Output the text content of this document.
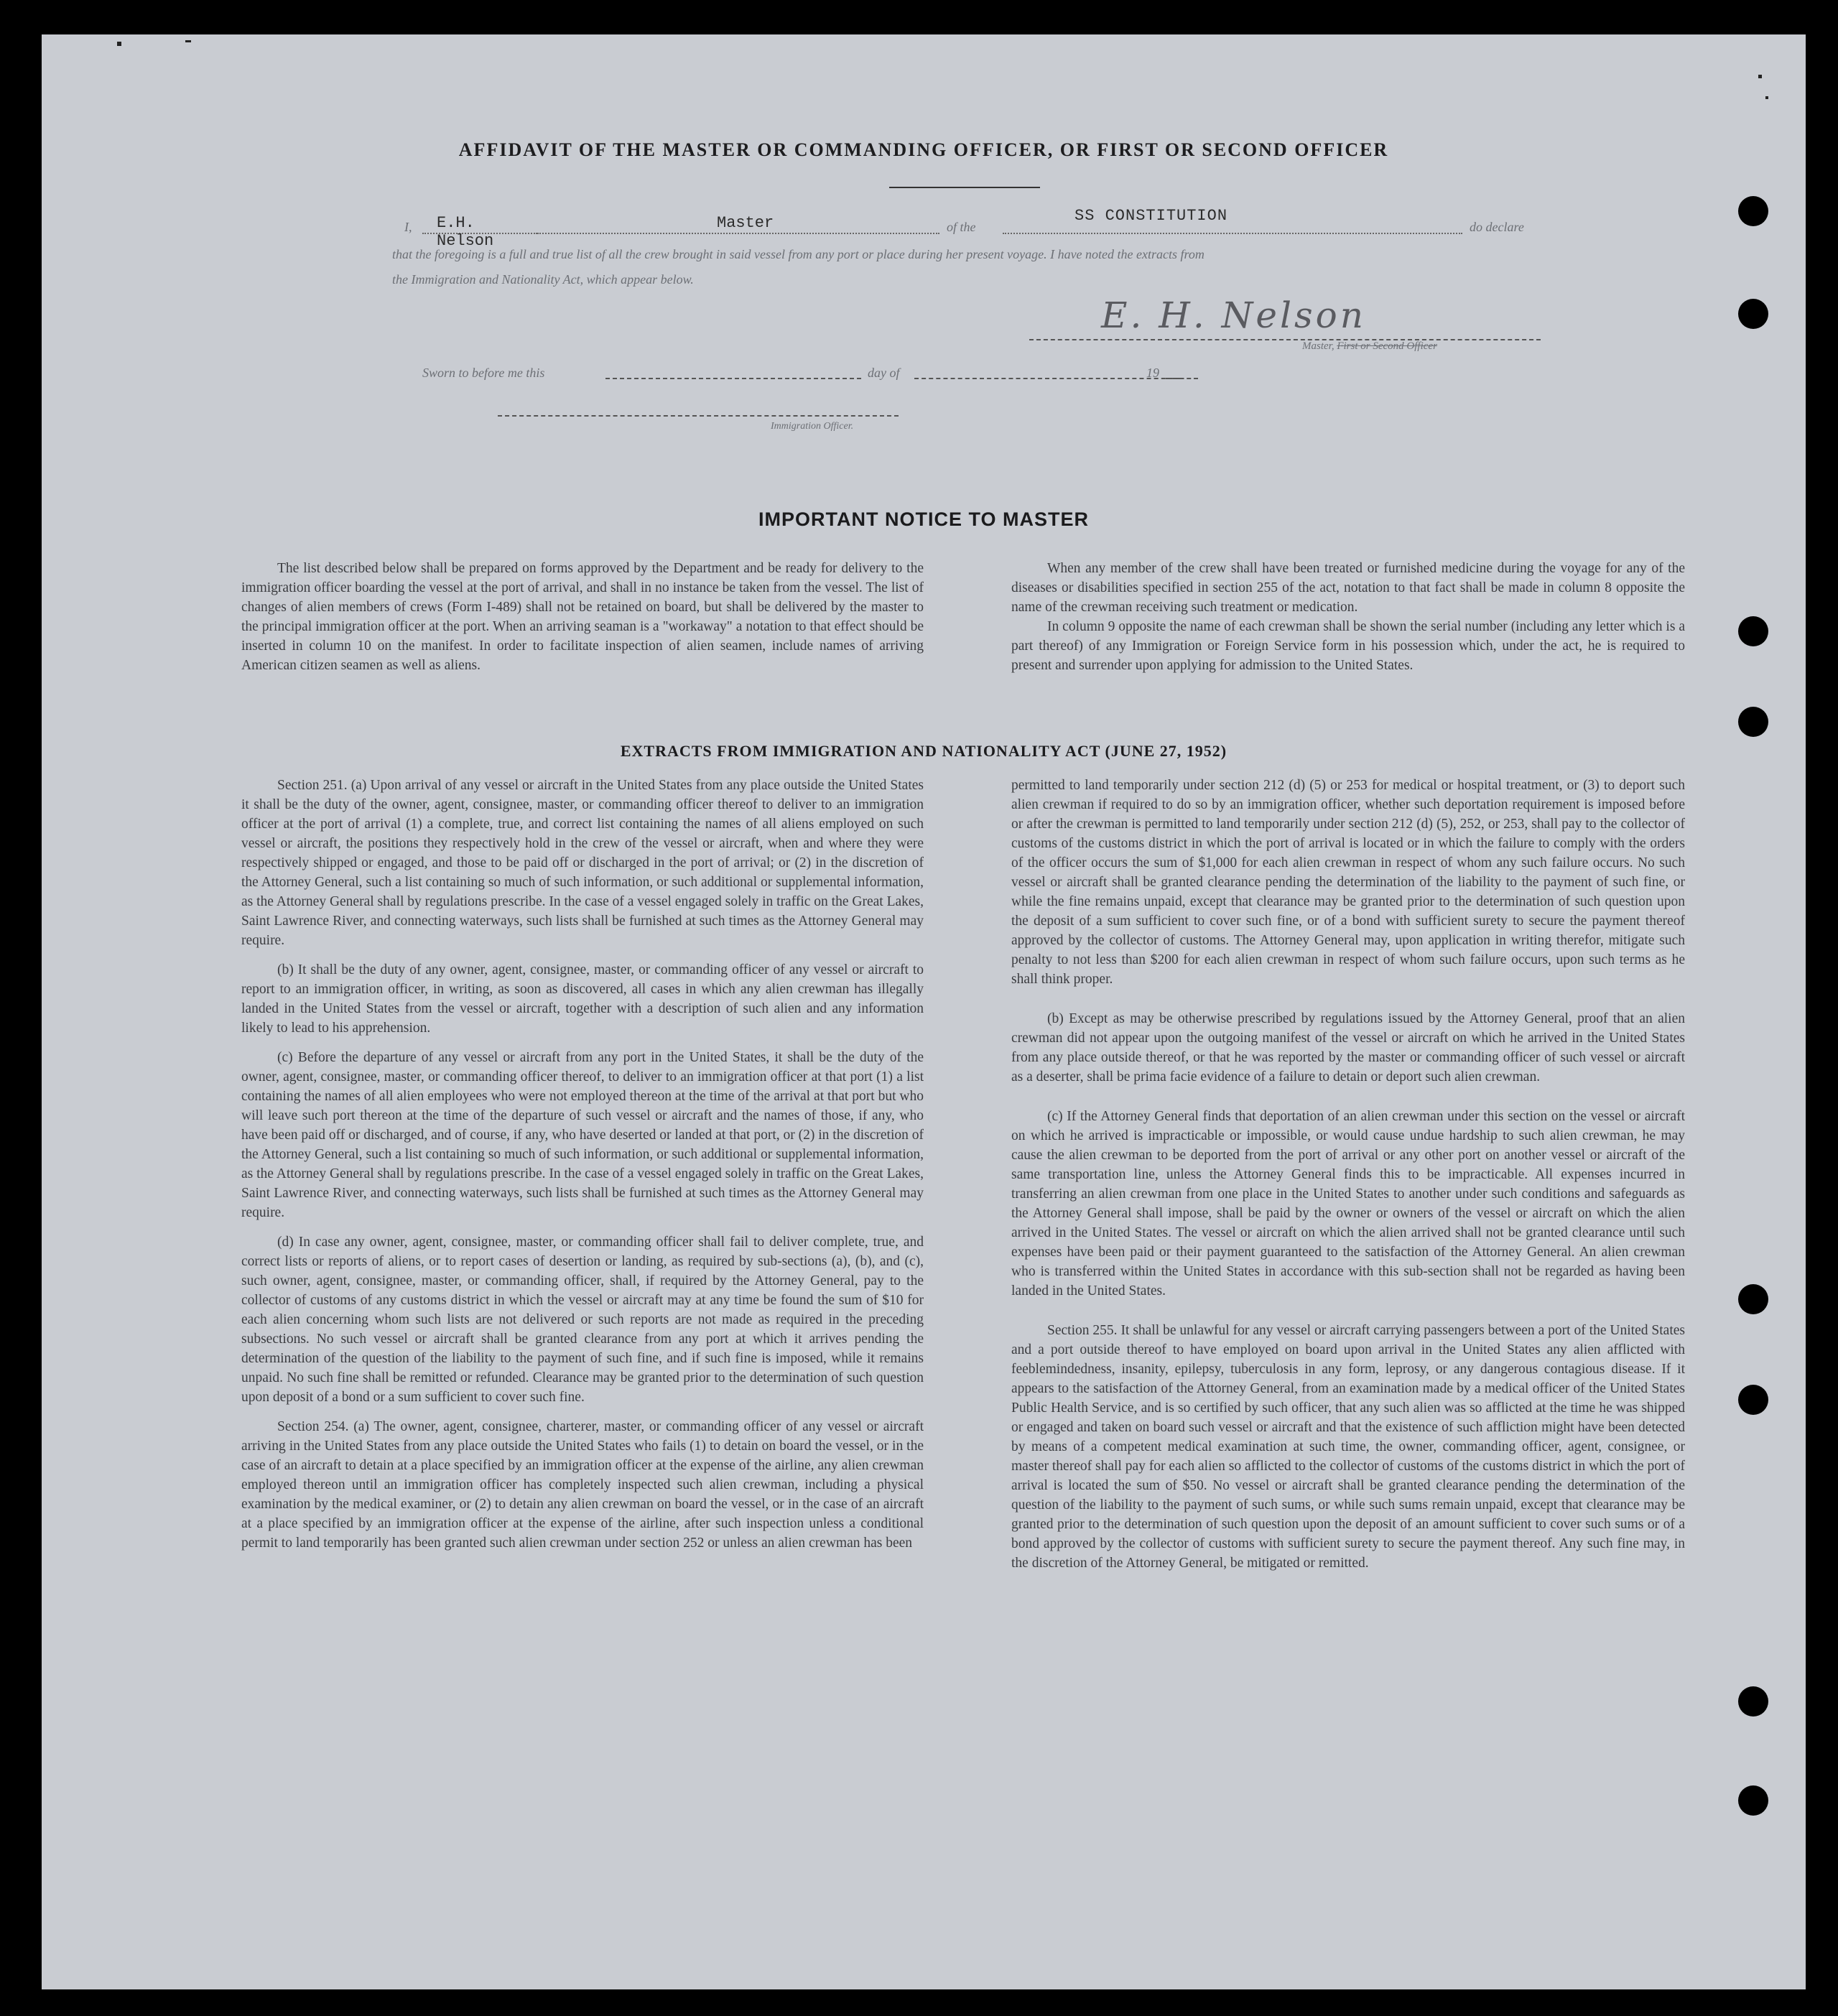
AFFIDAVIT OF THE MASTER OR COMMANDING OFFICER, OR FIRST OR SECOND OFFICER
I, E.H. Nelson
Master	of the
SS CONSTITUTION
do declare
that the foregoing is a full and true list of all the crew brought in said vessel from any port or place during her present voyage. I have noted the extracts from
the Immigration and Nationality Act, which appear below.
E. H. Nelson
Master, First or Second Officer
Sworn to before me this	day of	19
Immigration Officer.
IMPORTANT NOTICE TO MASTER

The list described below shall be prepared on forms approved by the Department and be ready for delivery to the immigration officer boarding the vessel at the port of arrival, and shall in no instance be taken from the vessel. The list of changes of alien members of crews (Form I-489) shall not be retained on board, but shall be delivered by the master to the principal immigration officer at the port. When an arriving seaman is a "workaway" a notation to that effect should be inserted in column 10 on the manifest. In order to facilitate inspection of alien seamen, include names of arriving American citizen seamen as well as aliens.

When any member of the crew shall have been treated or furnished medicine during the voyage for any of the diseases or disabilities specified in section 255 of the act, notation to that fact shall be made in column 8 opposite the name of the crewman receiving such treatment or medication.

In column 9 opposite the name of each crewman shall be shown the serial number (including any letter which is a part thereof) of any Immigration or Foreign Service form in his possession which, under the act, he is required to present and surrender upon applying for admission to the United States.

EXTRACTS FROM IMMIGRATION AND NATIONALITY ACT (JUNE 27, 1952)

Section 251. (a) Upon arrival of any vessel or aircraft in the United States from any place outside the United States it shall be the duty of the owner, agent, consignee, master, or commanding officer thereof to deliver to an immigration officer at the port of arrival (1) a complete, true, and correct list containing the names of all aliens employed on such vessel or aircraft, the positions they respectively hold in the crew of the vessel or aircraft, when and where they were respectively shipped or engaged, and those to be paid off or discharged in the port of arrival; or (2) in the discretion of the Attorney General, such a list containing so much of such information, or such additional or supplemental information, as the Attorney General shall by regulations prescribe. In the case of a vessel engaged solely in traffic on the Great Lakes, Saint Lawrence River, and connecting waterways, such lists shall be furnished at such times as the Attorney General may require.

(b) It shall be the duty of any owner, agent, consignee, master, or commanding officer of any vessel or aircraft to report to an immigration officer, in writing, as soon as discovered, all cases in which any alien crewman has illegally landed in the United States from the vessel or aircraft, together with a description of such alien and any information likely to lead to his apprehension.

(c) Before the departure of any vessel or aircraft from any port in the United States, it shall be the duty of the owner, agent, consignee, master, or commanding officer thereof, to deliver to an immigration officer at that port (1) a list containing the names of all alien employees who were not employed thereon at the time of the arrival at that port but who will leave such port thereon at the time of the departure of such vessel or aircraft and the names of those, if any, who have been paid off or discharged, and of course, if any, who have deserted or landed at that port, or (2) in the discretion of the Attorney General, such a list containing so much of such information, or such additional or supplemental information, as the Attorney General shall by regulations prescribe. In the case of a vessel engaged solely in traffic on the Great Lakes, Saint Lawrence River, and connecting waterways, such lists shall be furnished at such times as the Attorney General may require.

(d) In case any owner, agent, consignee, master, or commanding officer shall fail to deliver complete, true, and correct lists or reports of aliens, or to report cases of desertion or landing, as required by sub-sections (a), (b), and (c), such owner, agent, consignee, master, or commanding officer, shall, if required by the Attorney General, pay to the collector of customs of any customs district in which the vessel or aircraft may at any time be found the sum of $10 for each alien concerning whom such lists are not delivered or such reports are not made as required in the preceding subsections. No such vessel or aircraft shall be granted clearance from any port at which it arrives pending the determination of the question of the liability to the payment of such fine, and if such fine is imposed, while it remains unpaid. No such fine shall be remitted or refunded. Clearance may be granted prior to the determination of such question upon deposit of a bond or a sum sufficient to cover such fine.

Section 254. (a) The owner, agent, consignee, charterer, master, or commanding officer of any vessel or aircraft arriving in the United States from any place outside the United States who fails (1) to detain on board the vessel, or in the case of an aircraft to detain at a place specified by an immigration officer at the expense of the airline, any alien crewman employed thereon until an immigration officer has completely inspected such alien crewman, including a physical examination by the medical examiner, or (2) to detain any alien crewman on board the vessel, or in the case of an aircraft at a place specified by an immigration officer at the expense of the airline, after such inspection unless a conditional permit to land temporarily has been granted such alien crewman under section 252 or unless an alien crewman has been

permitted to land temporarily under section 212 (d) (5) or 253 for medical or hospital treatment, or (3) to deport such alien crewman if required to do so by an immigration officer, whether such deportation requirement is imposed before or after the crewman is permitted to land temporarily under section 212 (d) (5), 252, or 253, shall pay to the collector of customs of the customs district in which the port of arrival is located or in which the failure to comply with the orders of the officer occurs the sum of $1,000 for each alien crewman in respect of whom any such failure occurs. No such vessel or aircraft shall be granted clearance pending the determination of the liability to the payment of such fine, or while the fine remains unpaid, except that clearance may be granted prior to the determination of such question upon the deposit of a sum sufficient to cover such fine, or of a bond with sufficient surety to secure the payment thereof approved by the collector of customs. The Attorney General may, upon application in writing therefor, mitigate such penalty to not less than $200 for each alien crewman in respect of whom such failure occurs, upon such terms as he shall think proper.

(b) Except as may be otherwise prescribed by regulations issued by the Attorney General, proof that an alien crewman did not appear upon the outgoing manifest of the vessel or aircraft on which he arrived in the United States from any place outside thereof, or that he was reported by the master or commanding officer of such vessel or aircraft as a deserter, shall be prima facie evidence of a failure to detain or deport such alien crewman.

(c) If the Attorney General finds that deportation of an alien crewman under this section on the vessel or aircraft on which he arrived is impracticable or impossible, or would cause undue hardship to such alien crewman, he may cause the alien crewman to be deported from the port of arrival or any other port on another vessel or aircraft of the same transportation line, unless the Attorney General finds this to be impracticable. All expenses incurred in transferring an alien crewman from one place in the United States to another under such conditions and safeguards as the Attorney General shall impose, shall be paid by the owner or owners of the vessel or aircraft on which the alien arrived in the United States. The vessel or aircraft on which the alien arrived shall not be granted clearance until such expenses have been paid or their payment guaranteed to the satisfaction of the Attorney General. An alien crewman who is transferred within the United States in accordance with this sub-section shall not be regarded as having been landed in the United States.

Section 255. It shall be unlawful for any vessel or aircraft carrying passengers between a port of the United States and a port outside thereof to have employed on board upon arrival in the United States any alien afflicted with feeblemindedness, insanity, epilepsy, tuberculosis in any form, leprosy, or any dangerous contagious disease. If it appears to the satisfaction of the Attorney General, from an examination made by a medical officer of the United States Public Health Service, and is so certified by such officer, that any such alien was so afflicted at the time he was shipped or engaged and taken on board such vessel or aircraft and that the existence of such affliction might have been detected by means of a competent medical examination at such time, the owner, commanding officer, agent, consignee, or master thereof shall pay for each alien so afflicted to the collector of customs of the customs district in which the port of arrival is located the sum of $50. No vessel or aircraft shall be granted clearance pending the determination of the question of the liability to the payment of such sums, or while such sums remain unpaid, except that clearance may be granted prior to the determination of such question upon the deposit of an amount sufficient to cover such sums or of a bond approved by the collector of customs with sufficient surety to secure the payment thereof. Any such fine may, in the discretion of the Attorney General, be mitigated or remitted.
